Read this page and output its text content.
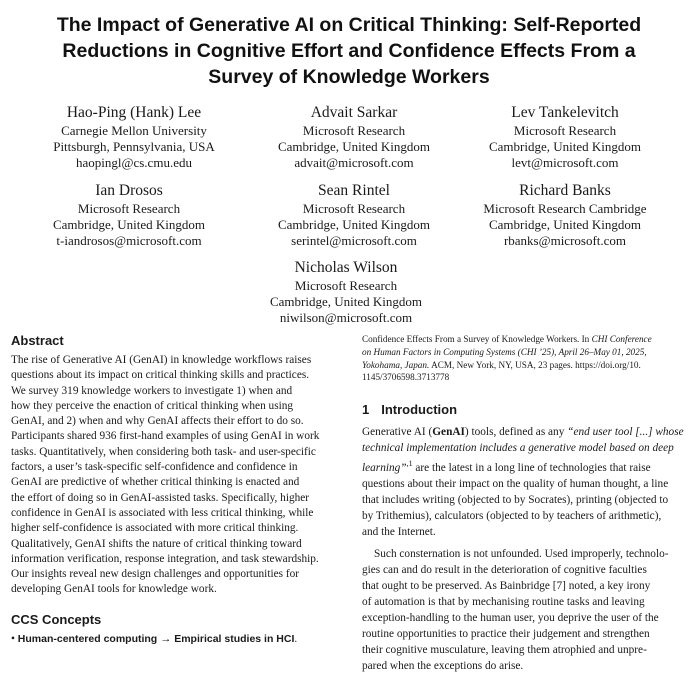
The Impact of Generative AI on Critical Thinking: Self-Reported
Reductions in Cognitive Effort and Confidence Effects From a
Survey of Knowledge Workers
Hao-Ping (Hank) Lee
Carnegie Mellon University
Pittsburgh, Pennsylvania, USA
haopingl@cs.cmu.edu
Advait Sarkar
Microsoft Research
Cambridge, United Kingdom
advait@microsoft.com
Lev Tankelevitch
Microsoft Research
Cambridge, United Kingdom
levt@microsoft.com
Ian Drosos
Microsoft Research
Cambridge, United Kingdom
t-iandrosos@microsoft.com
Sean Rintel
Microsoft Research
Cambridge, United Kingdom
serintel@microsoft.com
Richard Banks
Microsoft Research Cambridge
Cambridge, United Kingdom
rbanks@microsoft.com
Nicholas Wilson
Microsoft Research
Cambridge, United Kingdom
niwilson@microsoft.com
Abstract
The rise of Generative AI (GenAI) in knowledge workflows raises
questions about its impact on critical thinking skills and practices.
We survey 319 knowledge workers to investigate 1) when and
how they perceive the enaction of critical thinking when using
GenAI, and 2) when and why GenAI affects their effort to do so.
Participants shared 936 first-hand examples of using GenAI in work
tasks. Quantitatively, when considering both task- and user-specific
factors, a user’s task-specific self-confidence and confidence in
GenAI are predictive of whether critical thinking is enacted and
the effort of doing so in GenAI-assisted tasks. Specifically, higher
confidence in GenAI is associated with less critical thinking, while
higher self-confidence is associated with more critical thinking.
Qualitatively, GenAI shifts the nature of critical thinking toward
information verification, response integration, and task stewardship.
Our insights reveal new design challenges and opportunities for
developing GenAI tools for knowledge work.
CCS Concepts
• Human-centered computing → Empirical studies in HCI.
Confidence Effects From a Survey of Knowledge Workers. In CHI Conference
on Human Factors in Computing Systems (CHI ’25), April 26–May 01, 2025,
Yokohama, Japan. ACM, New York, NY, USA, 23 pages. https://doi.org/10.
1145/3706598.3713778
1 Introduction
Generative AI (GenAI) tools, defined as any “end user tool [...] whose
technical implementation includes a generative model based on deep
learning”$^{,1}$ are the latest in a long line of technologies that raise
questions about their impact on the quality of human thought, a line
that includes writing (objected to by Socrates), printing (objected to
by Trithemius), calculators (objected to by teachers of arithmetic),
and the Internet.
Such consternation is not unfounded. Used improperly, technolo-
gies can and do result in the deterioration of cognitive faculties
that ought to be preserved. As Bainbridge [7] noted, a key irony
of automation is that by mechanising routine tasks and leaving
exception-handling to the human user, you deprive the user of the
routine opportunities to practice their judgement and strengthen
their cognitive musculature, leaving them atrophied and unpre-
pared when the exceptions do arise.
